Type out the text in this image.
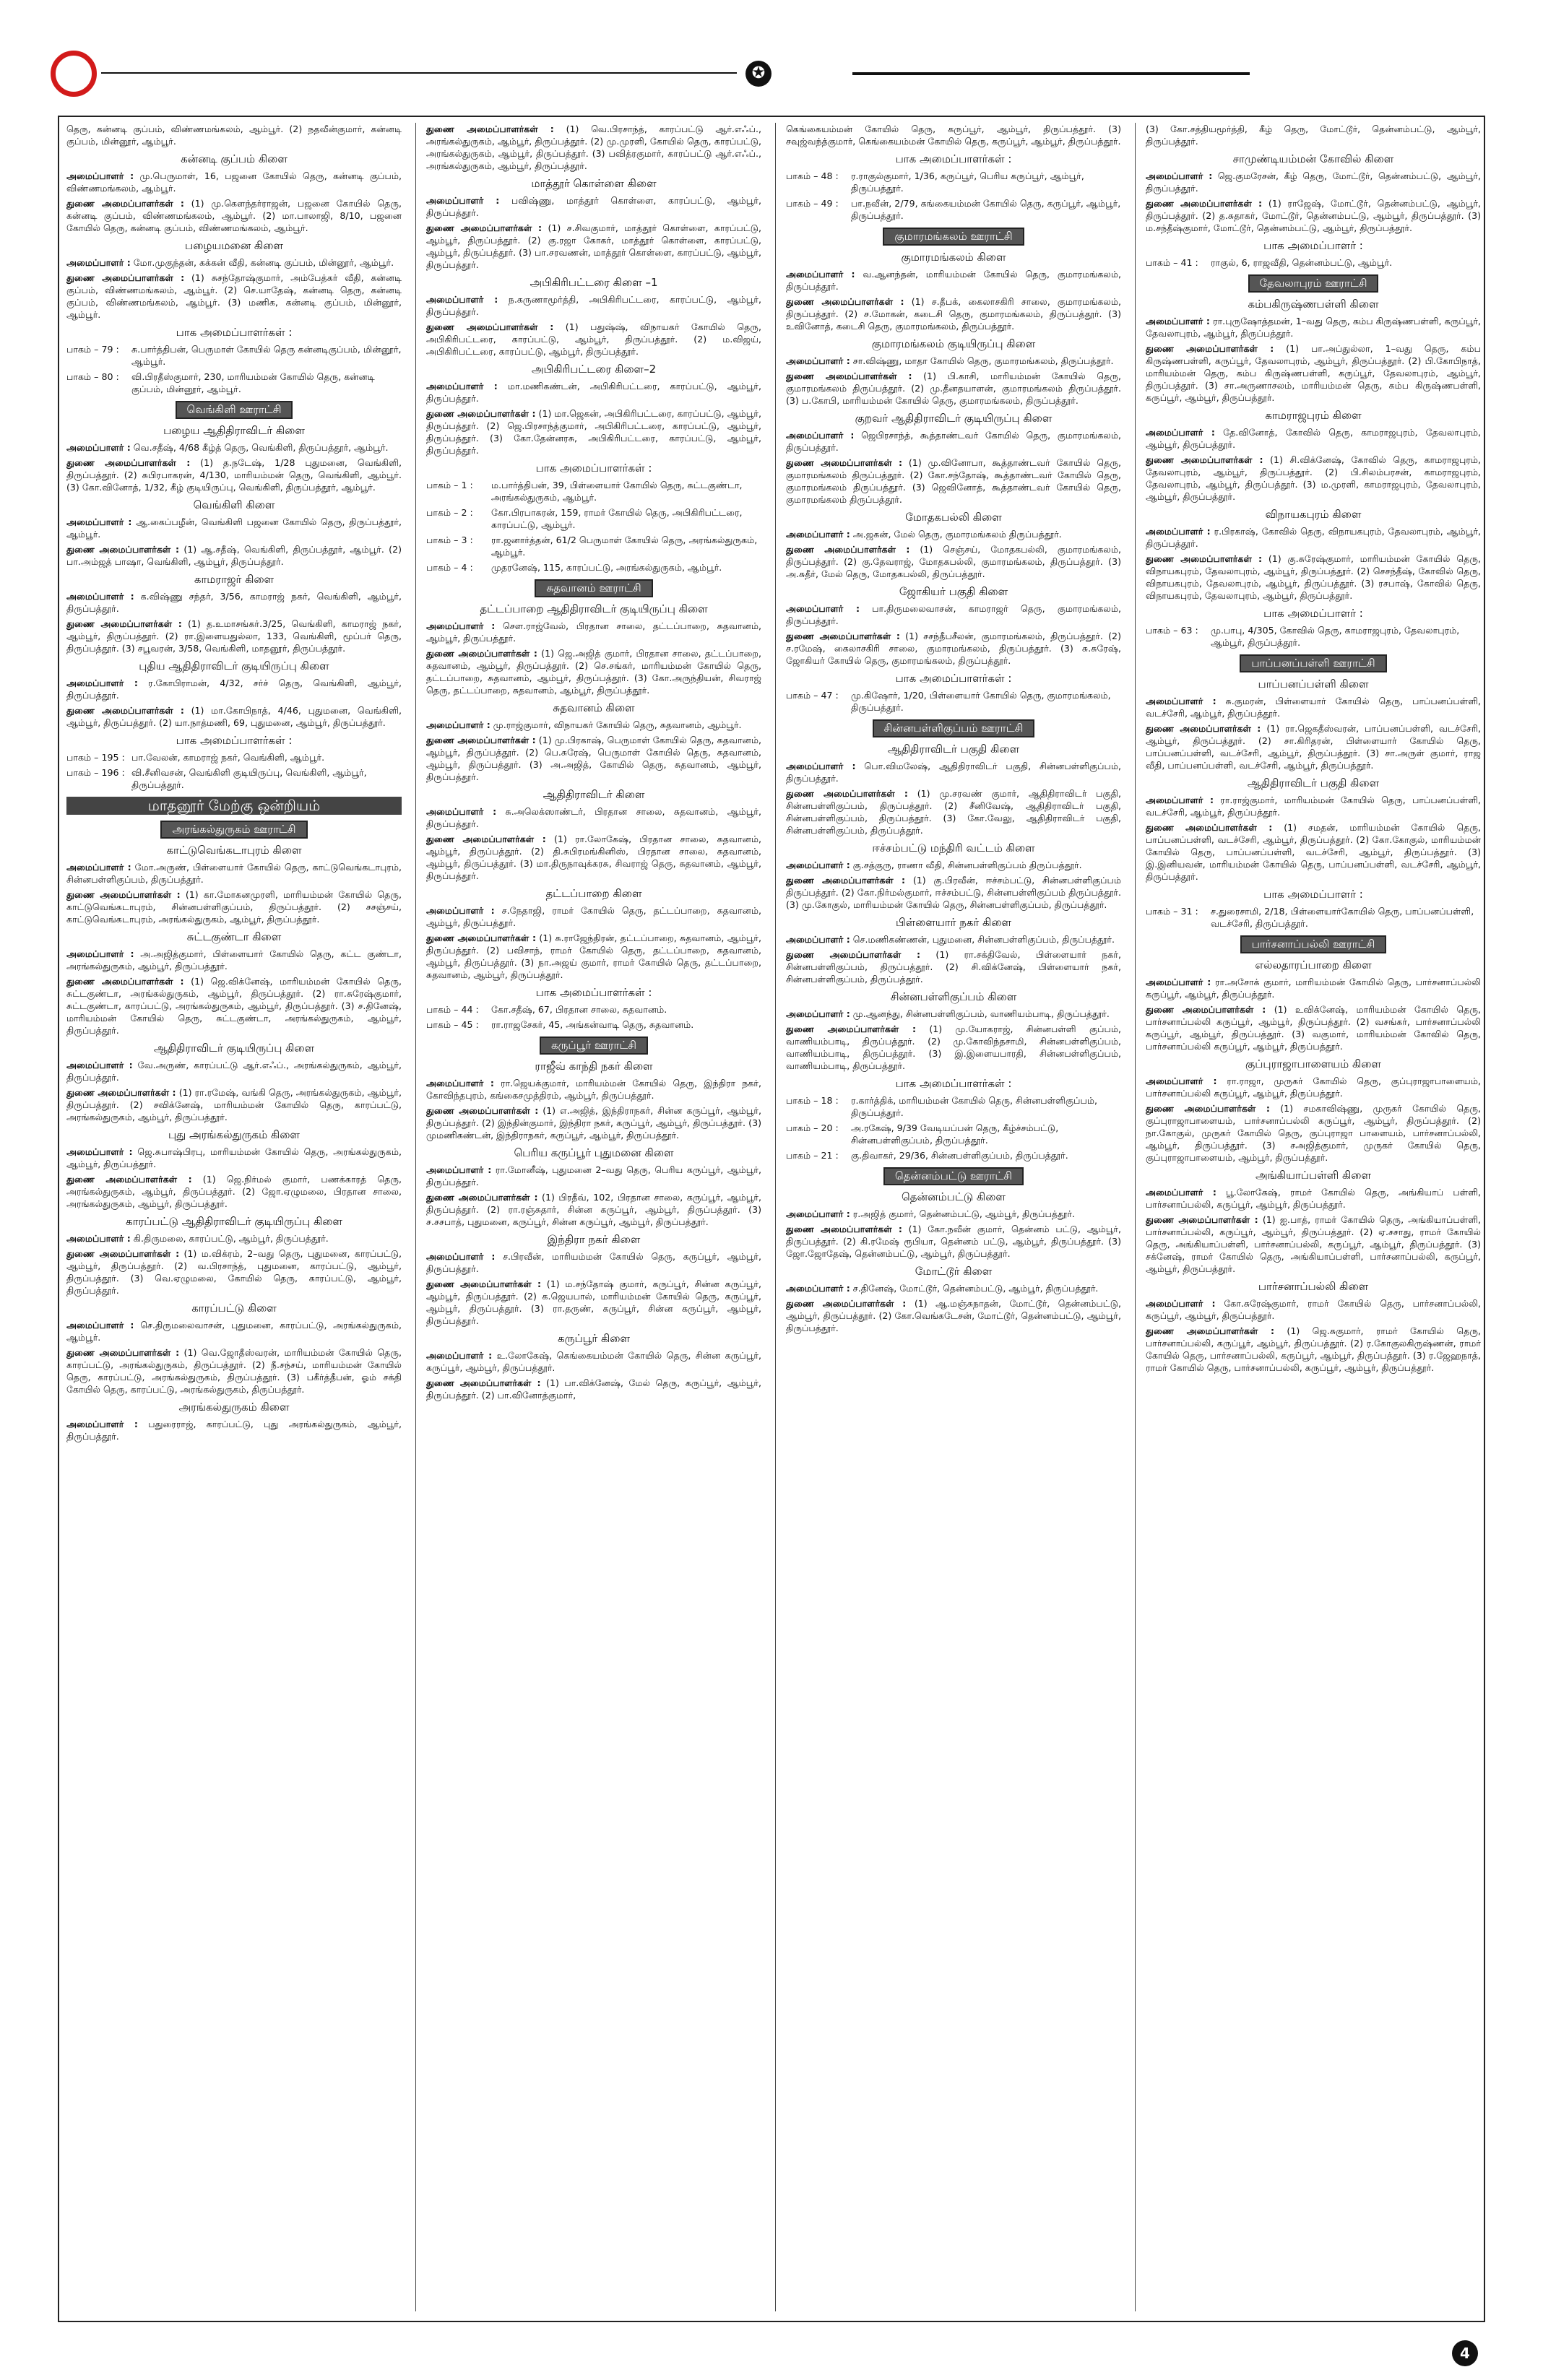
✪

தெரு, கன்னடி குப்பம், விண்ணமங்கலம், ஆம்பூர். (2) நதவீன்குமார், கன்னடி குப்பம், மின்னூர், ஆம்பூர்.

கன்னடி குப்பம் கிளை

அமைப்பாளர் : மு.பெருமாள், 16, பஜனை கோயில் தெரு, கன்னடி குப்பம், விண்ணமங்கலம், ஆம்பூர்.

துணை அமைப்பாளர்கள் : (1) மு.கௌந்தர்ராஜன், பஜனை கோயில் தெரு, கன்னடி குப்பம், விண்ணமங்கலம், ஆம்பூர். (2) மா.பாலாஜி, 8/10, பஜனை கோயில் தெரு, கன்னடி குப்பம், விண்ணமங்கலம், ஆம்பூர்.

பழையமனை கிளை

அமைப்பாளர் : மோ.முகுந்தன், கக்கன் வீதி, கன்னடி குப்பம், மின்னூர், ஆம்பூர்.

துணை அமைப்பாளர்கள் : (1) சுசந்தோஷ்குமார், அம்பேத்கர் வீதி, கன்னடி குப்பம், விண்ணமங்கலம், ஆம்பூர். (2) செ.யாதேஷ், கன்னடி தெரு, கன்னடி குப்பம், விண்ணமங்கலம், ஆம்பூர். (3) மணிக, கன்னடி குப்பம், மின்னூர், ஆம்பூர்.

பாக அமைப்பாளர்கள் :
பாகம் – 79 :	சு.பார்த்திபன், பெருமாள் கோயில் தெரு கன்னடிகுப்பம், மின்னூர், ஆம்பூர்.
பாகம் – 80 :	வி.பிரதீஸ்குமார், 230, மாரியம்மன் கோயில் தெரு, கன்னடி குப்பம், மின்னூர், ஆம்பூர்.
வெங்கிளி ஊராட்சி
பழைய ஆதிதிராவிடர் கிளை

அமைப்பாளர் : வெ.சதீஷ், 4/68 கீழ்த் தெரு, வெங்கிளி, திருப்பத்தூர், ஆம்பூர்.

துணை அமைப்பாளர்கள் : (1) த.நடேஷ், 1/28 புதுமனை, வெங்கிளி, திருப்பத்தூர். (2) சுபிரபாகரன், 4/130, மாரியம்மன் தெரு, வெங்கிளி, ஆம்பூர். (3) கோ.வினோத், 1/32, கீழ் குடியிருப்பு, வெங்கிளி, திருப்பத்தூர், ஆம்பூர்.

வெங்கிளி கிளை

அமைப்பாளர் : ஆ.கைப்பழீன், வெங்கிளி பஜனை கோயில் தெரு, திருப்பத்தூர், ஆம்பூர்.

துணை அமைப்பாளர்கள் : (1) ஆ.சதீஷ், வெங்கிளி, திருப்பத்தூர், ஆம்பூர். (2) பா.அம்ஜத் பாஷா, வெங்கிளி, ஆம்பூர், திருப்பத்தூர்.

காமராஜர் கிளை

அமைப்பாளர் : க.விஷ்ணு சந்தர், 3/56, காமராஜ் நகர், வெங்கிளி, ஆம்பூர், திருப்பத்தூர்.

துணை அமைப்பாளர்கள் : (1) த.உமாசங்கர்.3/25, வெங்கிளி, காமராஜ் நகர், ஆம்பூர், திருப்பத்தூர். (2) ரா.இளையதுல்லா, 133, வெங்கிளி, மூப்பர் தெரு, திருப்பத்தூர். (3) சபூவரன், 3/58, வெங்கிளி, மாதனூர், திருப்பத்தூர்.

புதிய ஆதிதிராவிடர் குடியிருப்பு கிளை

அமைப்பாளர் : ர.கோபிராமன், 4/32, சர்ச் தெரு, வெங்கிளி, ஆம்பூர், திருப்பத்தூர்.

துணை அமைப்பாளர்கள் : (1) மா.கோபிநாத், 4/46, புதுமனை, வெங்கிளி, ஆம்பூர், திருப்பத்தூர். (2) யா.நாத்மணி, 69, புதுமனை, ஆம்பூர், திருப்பத்தூர்.

பாக அமைப்பாளர்கள் :
பாகம் – 195 : பா.வேலன், காமராஜ் நகர், வெங்கிளி, ஆம்பூர்.
பாகம் – 196 : வி.சீனிவசன், வெங்கிளி குடியிருப்பு, வெங்கிளி, ஆம்பூர், திருப்பத்தூர்.
மாதனூர் மேற்கு ஒன்றியம்
அரங்கல்துருகம் ஊராட்சி
காட்டுவெங்கடாபுரம் கிளை

அமைப்பாளர் : மோ.அருண், பிள்ளையார் கோயில் தெரு, காட்டுவெங்கடாபுரம், சின்னபள்ளிகுப்பம், திருப்பத்தூர்.

துணை அமைப்பாளர்கள் : (1) கா.மோகனமுரளி, மாரியம்மன் கோயில் தெரு, காட்டுவெங்கடாபுரம், சின்னபள்ளிகுப்பம், திருப்பத்தூர். (2) சசஞ்சய், காட்டுவெங்கடாபுரம், அரங்கல்துருகம், ஆம்பூர், திருப்பத்தூர்.

சுட்டகுண்டா கிளை

அமைப்பாளர் : அ.அஜித்குமார், பிள்ளையார் கோயில் தெரு, கட்ட குண்டா, அரங்கல்துருகம், ஆம்பூர், திருப்பத்தூர்.

துணை அமைப்பாளர்கள் : (1) ஜெ.விக்னேஷ், மாரியம்மன் கோயில் தெரு, சுட்டகுண்டா, அரங்கல்துருகம், ஆம்பூர், திருப்பத்தூர். (2) ரா.சுரேஷ்குமார், சுட்டகுண்டா, காரப்பட்டு, அரங்கல்துருகம், ஆம்பூர், திருப்பத்தூர். (3) ச.தினேஷ், மாரியம்மன் கோயில் தெரு, சுட்டகுண்டா, அரங்கல்துருகம், ஆம்பூர், திருப்பத்தூர்.

ஆதிதிராவிடர் குடியிருப்பு கிளை

அமைப்பாளர் : வே.அருண், காரப்பட்டு ஆர்.எஃப்., அரங்கல்துருகம், ஆம்பூர், திருப்பத்தூர்.

துணை அமைப்பாளர்கள் : (1) ரா.ரமேஷ், வங்கி தெரு, அரங்கல்துருகம், ஆம்பூர், திருப்பத்தூர். (2) சவிக்னேஷ், மாரியம்மன் கோயில் தெரு, காரப்பட்டு, அரங்கல்துருகம், ஆம்பூர், திருப்பத்தூர்.

புது அரங்கல்துருகம் கிளை

அமைப்பாளர் : ஜெ.சுபாஷ்பிரபு, மாரியம்மன் கோயில் தெரு, அரங்கல்துருகம், ஆம்பூர், திருப்பத்தூர்.

துணை அமைப்பாளர்கள் : (1) ஜெ.நிர்மல் குமார், பணக்காரத் தெரு, அரங்கல்துருகம், ஆம்பூர், திருப்பத்தூர். (2) ஜோ.ஏழுமலை, பிரதான சாலை, அரங்கல்துருகம், ஆம்பூர், திருப்பத்தூர்.

காரப்பட்டு ஆதிதிராவிடர் குடியிருப்பு கிளை

அமைப்பாளர் : கி.திருமலை, காரப்பட்டு, ஆம்பூர், திருப்பத்தூர்.

துணை அமைப்பாளர்கள் : (1) ம.விக்ரம், 2–வது தெரு, புதுமனை, காரப்பட்டு, ஆம்பூர், திருப்பத்தூர். (2) வ.பிரசாந்த், புதுமனை, காரப்பட்டு, ஆம்பூர், திருப்பத்தூர். (3) வெ.ஏழுமலை, கோயில் தெரு, காரப்பட்டு, ஆம்பூர், திருப்பத்தூர்.

காரப்பட்டு கிளை

அமைப்பாளர் : செ.திருமலைவாசன், புதுமனை, காரப்பட்டு, அரங்கல்துருகம், ஆம்பூர்.

துணை அமைப்பாளர்கள் : (1) வெ.ஜோதீஸ்வரன், மாரியம்மன் கோயில் தெரு, காரப்பட்டு, அரங்கல்துருகம், திருப்பத்தூர். (2) நீ.சந்சய், மாரியம்மன் கோயில் தெரு, காரப்பட்டு, அரங்கல்துருகம், திருப்பத்தூர். (3) பகீர்த்தீபன், ஓம் சக்தி கோயில் தெரு, காரப்பட்டு, அரங்கல்துருகம், திருப்பத்தூர்.

அரங்கல்துருகம் கிளை

அமைப்பாளர் : பதுரைராஜ், காரப்பட்டு, புது அரங்கல்துருகம், ஆம்பூர், திருப்பத்தூர்.

துணை அமைப்பாளர்கள் : (1) வெ.பிரசாந்த், காரப்பட்டு ஆர்.எஃப்., அரங்கல்துருகம், ஆம்பூர், திருப்பத்தூர். (2) மு.முரளி, கோயில் தெரு, காரப்பட்டு, அரங்கல்துருகம், ஆம்பூர், திருப்பத்தூர். (3) பவித்ரகுமார், காரப்பட்டு ஆர்.எஃப்., அரங்கல்துருகம், ஆம்பூர், திருப்பத்தூர்.

மாத்தூர் கொள்ளை கிளை

அமைப்பாளர் : பவிஷ்ணு, மாத்தூர் கொள்ளை, காரப்பட்டு, ஆம்பூர், திருப்பத்தூர்.

துணை அமைப்பாளர்கள் : (1) ச.சிவகுமார், மாத்தூர் கொள்ளை, காரப்பட்டு, ஆம்பூர், திருப்பத்தூர். (2) கு.ரஜா கோகர், மாத்தூர் கொள்ளை, காரப்பட்டு, ஆம்பூர், திருப்பத்தூர். (3) பா.சரவணன், மாத்தூர் கொள்ளை, காரப்பட்டு, ஆம்பூர், திருப்பத்தூர்.

அபிகிரிபட்டரை கிளை –1

அமைப்பாளர் : ந.கருணாமூர்த்தி, அபிகிரிபட்டரை, காரப்பட்டு, ஆம்பூர், திருப்பத்தூர்.

துணை அமைப்பாளர்கள் : (1) பதுஷ்ஷ், விநாயகர் கோயில் தெரு, அபிகிரிபட்டரை, காரப்பட்டு, ஆம்பூர், திருப்பத்தூர். (2) ம.விஜய், அபிகிரிபட்டரை, காரப்பட்டு, ஆம்பூர், திருப்பத்தூர்.

அபிகிரிபட்டரை கிளை–2

அமைப்பாளர் : மா.மணிகண்டன், அபிகிரிபட்டரை, காரப்பட்டு, ஆம்பூர், திருப்பத்தூர்.

துணை அமைப்பாளர்கள் : (1) மா.ஜெகன், அபிகிரிபட்டரை, காரப்பட்டு, ஆம்பூர், திருப்பத்தூர். (2) ஜெ.பிரசாந்த்குமார், அபிகிரிபட்டரை, காரப்பட்டு, ஆம்பூர், திருப்பத்தூர். (3) கோ.தேன்னரசு, அபிகிரிபட்டரை, காரப்பட்டு, ஆம்பூர், திருப்பத்தூர்.

பாக அமைப்பாளர்கள் :
பாகம் – 1 :	ம.பார்த்திபன், 39, பிள்ளையார் கோயில் தெரு, சுட்டகுண்டா, அரங்கல்துருகம், ஆம்பூர்.
பாகம் – 2 :	கோ.பிரபாகரன், 159, ராமர் கோயில் தெரு, அபிகிரிபட்டரை, காரப்பட்டு, ஆம்பூர்.
பாகம் – 3 :	ரா.ஜனார்த்தன், 61/2 பெருமாள் கோயில் தெரு, அரங்கல்துருகம், ஆம்பூர்.
பாகம் – 4 :	முதரனேஷ், 115, காரப்பட்டு, அரங்கல்துருகம், ஆம்பூர்.
சுதவானம் ஊராட்சி
தட்டப்பாறை ஆதிதிராவிடர் குடியிருப்பு கிளை

அமைப்பாளர் : சௌ.ராஜ்வேல், பிரதான சாலை, தட்டப்பாறை, சுதவானம், ஆம்பூர், திருப்பத்தூர்.

துணை அமைப்பாளர்கள் : (1) ஜெ.அஜித் குமார், பிரதான சாலை, தட்டப்பாறை, சுதவானம், ஆம்பூர், திருப்பத்தூர். (2) செ.சங்கர், மாரியம்மன் கோயில் தெரு, தட்டப்பாறை, சுதவானம், ஆம்பூர், திருப்பத்தூர். (3) கோ.அருந்தியன், சிவராஜ் தெரு, தட்டப்பாறை, சுதவானம், ஆம்பூர், திருப்பத்தூர்.

சுதவானம் கிளை

அமைப்பாளர் : மு.ராஜ்குமார், விநாயகர் கோயில் தெரு, சுதவானம், ஆம்பூர்.

துணை அமைப்பாளர்கள் : (1) மு.பிரகாஷ், பெருமாள் கோயில் தெரு, சுதவானம், ஆம்பூர், திருப்பத்தூர். (2) பெ.சுரேஷ், பெருமாள் கோயில் தெரு, சுதவானம், ஆம்பூர், திருப்பத்தூர். (3) அ.அஜித், கோயில் தெரு, சுதவானம், ஆம்பூர், திருப்பத்தூர்.

ஆதிதிராவிடர் கிளை

அமைப்பாளர் : சு.அலெக்ஸாண்டர், பிரதான சாலை, சுதவானம், ஆம்பூர், திருப்பத்தூர்.

துணை அமைப்பாளர்கள் : (1) ரா.லோகேஷ், பிரதான சாலை, சுதவானம், ஆம்பூர், திருப்பத்தூர். (2) தி.சுபிரமங்கினிஸ், பிரதான சாலை, சுதவானம், ஆம்பூர், திருப்பத்தூர். (3) மா.திருநாவுக்கரசு, சிவராஜ் தெரு, சுதவானம், ஆம்பூர், திருப்பத்தூர்.

தட்டப்பாறை கிளை

அமைப்பாளர் : ச.நேதாஜி, ராமர் கோயில் தெரு, தட்டப்பாறை, சுதவானம், ஆம்பூர், திருப்பத்தூர்.

துணை அமைப்பாளர்கள் : (1) சு.ராஜேந்திரன், தட்டப்பாறை, சுதவானம், ஆம்பூர், திருப்பத்தூர். (2) பவிசாந், ராமர் கோயில் தெரு, தட்டப்பாறை, சுதவானம், ஆம்பூர், திருப்பத்தூர். (3) நா.அஜய் குமார், ராமர் கோயில் தெரு, தட்டப்பாறை, சுதவானம், ஆம்பூர், திருப்பத்தூர்.

பாக அமைப்பாளர்கள் :
பாகம் – 44 :	கோ.சதீஷ், 67, பிரதான சாலை, சுதவானம்.
பாகம் – 45 :	ரா.ராஜசேகர், 45, அங்கன்வாடி தெரு, சுதவானம்.
கருப்பூர் ஊராட்சி
ராஜீவ் காந்தி நகர் கிளை

அமைப்பாளர் : ரா.ஜெயக்குமார், மாரியம்மன் கோயில் தெரு, இந்திரா நகர், கோவிந்தபுரம், கங்கைசமுத்திரம், ஆம்பூர், திருப்பத்தூர்.

துணை அமைப்பாளர்கள் : (1) எ.அஜித், இந்திராநகர், சின்ன கருப்பூர், ஆம்பூர், திருப்பத்தூர். (2) இந்தின்குமார், இந்திரா நகர், கருப்பூர், ஆம்பூர், திருப்பத்தூர். (3) முமணிகண்டன், இந்திராநகர், கருப்பூர், ஆம்பூர், திருப்பத்தூர்.

பெரிய கருப்பூர் புதுமனை கிளை

அமைப்பாளர் : ரா.மோனீஷ், புதுமனை 2–வது தெரு, பெரிய கருப்பூர், ஆம்பூர், திருப்பத்தூர்.

துணை அமைப்பாளர்கள் : (1) பிரதீவ், 102, பிரதான சாலை, கருப்பூர், ஆம்பூர், திருப்பத்தூர். (2) ரா.ரஞ்சுதார், சின்ன கருப்பூர், ஆம்பூர், திருப்பத்தூர். (3) ச.சசபாத், புதுமனை, கருப்பூர், சின்ன கருப்பூர், ஆம்பூர், திருப்பத்தூர்.

இந்திரா நகர் கிளை

அமைப்பாளர் : ச.பிரவீன், மாரியம்மன் கோயில் தெரு, கருப்பூர், ஆம்பூர், திருப்பத்தூர்.

துணை அமைப்பாளர்கள் : (1) ம.சந்தோஷ் குமார், கருப்பூர், சின்ன கருப்பூர், ஆம்பூர், திருப்பத்தூர். (2) க.ஜெயபால், மாரியம்மன் கோயில் தெரு, கருப்பூர், ஆம்பூர், திருப்பத்தூர். (3) ரா.தருண், கருப்பூர், சின்ன கருப்பூர், ஆம்பூர், திருப்பத்தூர்.

கருப்பூர் கிளை

அமைப்பாளர் : உ.லோகேஷ், கெங்கையம்மன் கோயில் தெரு, சின்ன கருப்பூர், கருப்பூர், ஆம்பூர், திருப்பத்தூர்.

துணை அமைப்பாளர்கள் : (1) பா.விக்னேஷ், மேல் தெரு, கருப்பூர், ஆம்பூர், திருப்பத்தூர். (2) பா.வினோத்குமார்,

கெங்கையம்மன் கோயில் தெரு, கருப்பூர், ஆம்பூர், திருப்பத்தூர். (3) சவுஜ்வந்த்குமார், கெங்கையம்மன் கோயில் தெரு, கருப்பூர், ஆம்பூர், திருப்பத்தூர்.

பாக அமைப்பாளர்கள் :
பாகம் – 48 :	ர.ராகுல்குமார், 1/36, கருப்பூர், பெரிய கருப்பூர், ஆம்பூர், திருப்பத்தூர்.
பாகம் – 49 :	பா.நவீன், 2/79, கங்கையம்மன் கோயில் தெரு, கருப்பூர், ஆம்பூர், திருப்பத்தூர்.
குமாரமங்கலம் ஊராட்சி
குமாரமங்கலம் கிளை

அமைப்பாளர் : வ.ஆனந்தன், மாரியம்மன் கோயில் தெரு, குமாரமங்கலம், திருப்பத்தூர்.

துணை அமைப்பாளர்கள் : (1) ச.தீபக், கைலாசகிரி சாலை, குமாரமங்கலம், திருப்பத்தூர். (2) ச.மோகன், கடைசி தெரு, குமாரமங்கலம், திருப்பத்தூர். (3) உவினோத், கடைசி தெரு, குமாரமங்கலம், திருப்பத்தூர்.

குமாரமங்கலம் குடியிருப்பு கிளை

அமைப்பாளர் : சா.விஷ்ணு, மாதா கோயில் தெரு, குமாரமங்கலம், திருப்பத்தூர்.

துணை அமைப்பாளர்கள் : (1) பி.காசி, மாரியம்மன் கோயில் தெரு, குமாரமங்கலம் திருப்பத்தூர். (2) மு.தீனதயாளன், குமாரமங்கலம் திருப்பத்தூர். (3) ப.கோபி, மாரியம்மன் கோயில் தெரு, குமாரமங்கலம், திருப்பத்தூர்.

குறவர் ஆதிதிராவிடர் குடியிருப்பு கிளை

அமைப்பாளர் : ஜெபிரசாந்த், கூத்தாண்டவர் கோயில் தெரு, குமாரமங்கலம், திருப்பத்தூர்.

துணை அமைப்பாளர்கள் : (1) மு.வினோபா, கூத்தாண்டவர் கோயில் தெரு, குமாரமங்கலம் திருப்பத்தூர். (2) கோ.சந்தோஷ், கூத்தாண்டவர் கோயில் தெரு, குமாரமங்கலம் திருப்பத்தூர். (3) ஜெவினோத், கூத்தாண்டவர் கோயில் தெரு, குமாரமங்கலம் திருப்பத்தூர்.

மோதகபல்லி கிளை

அமைப்பாளர் : அ.ஜகன், மேல் தெரு, குமாரமங்கலம் திருப்பத்தூர்.

துணை அமைப்பாளர்கள் : (1) செஞ்சய், மோதகபல்லி, குமாரமங்கலம், திருப்பத்தூர். (2) கு.தேவராஜ், மோதகபல்லி, குமாரமங்கலம், திருப்பத்தூர். (3) அ.சுதீர், மேல் தெரு, மோதகபல்லி, திருப்பத்தூர்.

ஜோகியர் பகுதி கிளை

அமைப்பாளர் : பா.திருமலைவாசன், காமராஜர் தெரு, குமாரமங்கலம், திருப்பத்தூர்.

துணை அமைப்பாளர்கள் : (1) சசந்தீபசீலன், குமாரமங்கலம், திருப்பத்தூர். (2) ச.ரமேஷ், கைலாசகிரி சாலை, குமாரமங்கலம், திருப்பத்தூர். (3) சு.சுரேஷ், ஜோகியர் கோயில் தெரு, குமாரமங்கலம், திருப்பத்தூர்.

பாக அமைப்பாளர்கள் :
பாகம் – 47 :	மு.கிஷோர், 1/20, பிள்ளையார் கோயில் தெரு, குமாரமங்கலம், திருப்பத்தூர்.
சின்னபள்ளிகுப்பம் ஊராட்சி
ஆதிதிராவிடர் பகுதி கிளை

அமைப்பாளர் : பொ.விமலேஷ், ஆதிதிராவிடர் பகுதி, சின்னபள்ளிகுப்பம், திருப்பத்தூர்.

துணை அமைப்பாளர்கள் : (1) மு.சரவண் குமார், ஆதிதிராவிடர் பகுதி, சின்னபள்ளிகுப்பம், திருப்பத்தூர். (2) சீனிவேஷ், ஆதிதிராவிடர் பகுதி, சின்னபள்ளிகுப்பம், திருப்பத்தூர். (3) கோ.வேலு, ஆதிதிராவிடர் பகுதி, சின்னபள்ளிகுப்பம், திருப்பத்தூர்.

ஈச்சம்பட்டு மந்திரி வட்டம் கிளை

அமைப்பாளர் : கு.சத்குரு, ராணா வீதி, சின்னபள்ளிகுப்பம் திருப்பத்தூர்.

துணை அமைப்பாளர்கள் : (1) கு.பிரவீன், ஈச்சம்பட்டு, சின்னபள்ளிகுப்பம் திருப்பத்தூர். (2) கோ.நிர்மல்குமார், ஈச்சம்பட்டு, சின்னபள்ளிகுப்பம் திருப்பத்தூர். (3) மு.கோகுல், மாரியம்மன் கோயில் தெரு, சின்னபள்ளிகுப்பம், திருப்பத்தூர்.

பிள்ளையார் நகர் கிளை

அமைப்பாளர் : செ.மணிகண்ணன், புதுமனை, சின்னபள்ளிகுப்பம், திருப்பத்தூர்.

துணை அமைப்பாளர்கள் : (1) ரா.சக்திவேல், பிள்ளையார் நகர், சின்னபள்ளிகுப்பம், திருப்பத்தூர். (2) சி.விக்னேஷ், பிள்ளையார் நகர், சின்னபள்ளிகுப்பம், திருப்பத்தூர்.

சின்னபள்ளிகுப்பம் கிளை

அமைப்பாளர் : மு.ஆனந்து, சின்னபள்ளிகுப்பம், வாணியம்பாடி, திருப்பத்தூர்.

துணை அமைப்பாளர்கள் : (1) மு.யோகராஜ், சின்னபள்ளி குப்பம், வாணியம்பாடி, திருப்பத்தூர். (2) மு.கோவிந்தசாமி, சின்னபள்ளிகுப்பம், வாணியம்பாடி, திருப்பத்தூர். (3) இ.இளையபாரதி, சின்னபள்ளிகுப்பம், வாணியம்பாடி, திருப்பத்தூர்.

பாக அமைப்பாளர்கள் :
பாகம் – 18 :	ர.கார்த்திக், மாரியம்மன் கோயில் தெரு, சின்னபள்ளிகுப்பம், திருப்பத்தூர்.
பாகம் – 20 :	அ.ரகேஷ், 9/39 வேடியப்பன் தெரு, கீழ்ச்சம்பட்டு, சின்னபள்ளிகுப்பம், திருப்பத்தூர்.
பாகம் – 21 :	கு.திவாகர், 29/36, சின்னபள்ளிகுப்பம், திருப்பத்தூர்.
தென்னம்பட்டு ஊராட்சி
தென்னம்பட்டு கிளை

அமைப்பாளர் : ர.அஜித் குமார், தென்னம்பட்டு, ஆம்பூர், திருப்பத்தூர்.

துணை அமைப்பாளர்கள் : (1) கோ.நவீன் குமார், தென்னம் பட்டு, ஆம்பூர், திருப்பத்தூர். (2) கி.ரமேஷ் ரூபியா, தென்னம் பட்டு, ஆம்பூர், திருப்பத்தூர். (3) ஜோ.ஜோதேஷ், தென்னம்பட்டு, ஆம்பூர், திருப்பத்தூர்.

மோட்டூர் கிளை

அமைப்பாளர் : ச.தினேஷ், மோட்டூர், தென்னம்பட்டு, ஆம்பூர், திருப்பத்தூர்.

துணை அமைப்பாளர்கள் : (1) ஆ.மஞ்சுநாதன், மோட்டூர், தென்னம்பட்டு, ஆம்பூர், திருப்பத்தூர். (2) கோ.வெங்கடேசன், மோட்டூர், தென்னம்பட்டு, ஆம்பூர், திருப்பத்தூர்.

(3) கோ.சத்தியமூர்த்தி, கீழ் தெரு, மோட்டூர், தென்னம்பட்டு, ஆம்பூர், திருப்பத்தூர்.

சாமுண்டியம்மன் கோவில் கிளை

அமைப்பாளர் : ஜெ.குமரேசன், கீழ் தெரு, மோட்டூர், தென்னம்பட்டு, ஆம்பூர், திருப்பத்தூர்.

துணை அமைப்பாளர்கள் : (1) ராஜேஷ், மோட்டூர், தென்னம்பட்டு, ஆம்பூர், திருப்பத்தூர். (2) த.சுதாகர், மோட்டூர், தென்னம்பட்டு, ஆம்பூர், திருப்பத்தூர். (3) ம.சந்தீஷ்குமார், மோட்டூர், தென்னம்பட்டு, ஆம்பூர், திருப்பத்தூர்.

பாக அமைப்பாளர் :
பாகம் – 41 :	ராகுல், 6, ராஜவீதி, தென்னம்பட்டு, ஆம்பூர்.
தேவலாபுரம் ஊராட்சி
கம்பகிருஷ்ணபள்ளி கிளை

அமைப்பாளர் : ரா.புருஷோத்தமன், 1–வது தெரு, கம்ப கிருஷ்ணபள்ளி, கருப்பூர், தேவலாபுரம், ஆம்பூர், திருப்பத்தூர்.

துணை அமைப்பாளர்கள் : (1) பா.அப்துல்லா, 1–வது தெரு, கம்ப கிருஷ்ணபள்ளி, கருப்பூர், தேவலாபுரம், ஆம்பூர், திருப்பத்தூர். (2) பி.கோபிநாத், மாரியம்மன் தெரு, கம்ப கிருஷ்ணபள்ளி, கருப்பூர், தேவலாபுரம், ஆம்பூர், திருப்பத்தூர். (3) சா.அருணாசலம், மாரியம்மன் தெரு, கம்ப கிருஷ்ணபள்ளி, கருப்பூர், ஆம்பூர், திருப்பத்தூர்.

காமராஜபுரம் கிளை

அமைப்பாளர் : தே.வினோத், கோவில் தெரு, காமராஜபுரம், தேவலாபுரம், ஆம்பூர், திருப்பத்தூர்.

துணை அமைப்பாளர்கள் : (1) சி.விக்னேஷ், கோவில் தெரு, காமராஜபுரம், தேவலாபுரம், ஆம்பூர், திருப்பத்தூர். (2) பி.சிலம்பரசன், காமராஜபுரம், தேவலாபுரம், ஆம்பூர், திருப்பத்தூர். (3) ம.முரளி, காமராஜபுரம், தேவலாபுரம், ஆம்பூர், திருப்பத்தூர்.

விநாயகபுரம் கிளை

அமைப்பாளர் : ர.பிரகாஷ், கோவில் தெரு, விநாயகபுரம், தேவலாபுரம், ஆம்பூர், திருப்பத்தூர்.

துணை அமைப்பாளர்கள் : (1) கு.சுரேஷ்குமார், மாரியம்மன் கோயில் தெரு, விநாயகபுரம், தேவலாபுரம், ஆம்பூர், திருப்பத்தூர். (2) செசந்தீஷ், கோவில் தெரு, விநாயகபுரம், தேவலாபுரம், ஆம்பூர், திருப்பத்தூர். (3) ரசபாஷ், கோவில் தெரு, விநாயகபுரம், தேவலாபுரம், ஆம்பூர், திருப்பத்தூர்.

பாக அமைப்பாளர் :
பாகம் – 63 :	மு.பாபு, 4/305, கோவில் தெரு, காமராஜபுரம், தேவலாபுரம், ஆம்பூர், திருப்பத்தூர்.
பாப்பனப்பள்ளி ஊராட்சி
பாப்பனப்பள்ளி கிளை

அமைப்பாளர் : சு.குமரன், பிள்ளையார் கோயில் தெரு, பாப்பனப்பள்ளி, வடச்சேரி, ஆம்பூர், திருப்பத்தூர்.

துணை அமைப்பாளர்கள் : (1) ரா.ஜெகதீஸ்வரன், பாப்பனப்பள்ளி, வடச்சேரி, ஆம்பூர், திருப்பத்தூர். (2) சா.கிரிதரன், பிள்ளையார் கோயில் தெரு, பாப்பனப்பள்ளி, வடச்சேரி, ஆம்பூர், திருப்பத்தூர். (3) சா.அருள் குமார், ராஜ வீதி, பாப்பனப்பள்ளி, வடச்சேரி, ஆம்பூர், திருப்பத்தூர்.

ஆதிதிராவிடர் பகுதி கிளை

அமைப்பாளர் : ரா.ராஜ்குமார், மாரியம்மன் கோயில் தெரு, பாப்பனப்பள்ளி, வடச்சேரி, ஆம்பூர், திருப்பத்தூர்.

துணை அமைப்பாளர்கள் : (1) சமதன், மாரியம்மன் கோயில் தெரு, பாப்பனப்பள்ளி, வடச்சேரி, ஆம்பூர், திருப்பத்தூர். (2) கோ.கோகுல், மாரியம்மன் கோயில் தெரு, பாப்பனப்பள்ளி, வடச்சேரி, ஆம்பூர், திருப்பத்தூர். (3) இ.இனியவன், மாரியம்மன் கோயில் தெரு, பாப்பனப்பள்ளி, வடச்சேரி, ஆம்பூர், திருப்பத்தூர்.

பாக அமைப்பாளர் :
பாகம் – 31 :	ச.துரைசாமி, 2/18, பிள்ளையார்கோயில் தெரு, பாப்பனப்பள்ளி, வடச்சேரி, திருப்பத்தூர்.
பார்சனாப்பல்லி ஊராட்சி
எல்லதாரப்பாறை கிளை

அமைப்பாளர் : ரா.அசோக் குமார், மாரியம்மன் கோயில் தெரு, பார்சனாப்பல்லி கருப்பூர், ஆம்பூர், திருப்பத்தூர்.

துணை அமைப்பாளர்கள் : (1) உவிக்னேஷ், மாரியம்மன் கோயில் தெரு, பார்சனாப்பல்லி கருப்பூர், ஆம்பூர், திருப்பத்தூர். (2) வசங்கர், பார்சனாப்பல்லி கருப்பூர், ஆம்பூர், திருப்பத்தூர். (3) வகுமார், மாரியம்மன் கோவில் தெரு, பார்சனாப்பல்லி கருப்பூர், ஆம்பூர், திருப்பத்தூர்.

குப்புராஜாபாளையம் கிளை

அமைப்பாளர் : ரா.ராஜா, முருகர் கோயில் தெரு, குப்புராஜாபாளையம், பார்சனாப்பல்லி கருப்பூர், ஆம்பூர், திருப்பத்தூர்.

துணை அமைப்பாளர்கள் : (1) சமகாவிஷ்ணு, முருகர் கோயில் தெரு, குப்புராஜாபாளையம், பார்சனாப்பல்லி கருப்பூர், ஆம்பூர், திருப்பத்தூர். (2) நா.கோகுல், முருகர் கோயில் தெரு, குப்புராஜா பாளையம், பார்சனாப்பல்லி, ஆம்பூர், திருப்பத்தூர். (3) சஅஜித்குமார், முருகர் கோயில் தெரு, குப்புராஜாபாளையம், ஆம்பூர், திருப்பத்தூர்.

அங்கியாப்பள்ளி கிளை

அமைப்பாளர் : பூ.லோகேஷ், ராமர் கோயில் தெரு, அங்கியாப் பள்ளி, பார்சனாப்பல்லி, கருப்பூர், ஆம்பூர், திருப்பத்தூர்.

துணை அமைப்பாளர்கள் : (1) ஐ.பாத், ராமர் கோயில் தெரு, அங்கியாப்பள்ளி, பார்சனாப்பல்லி, கருப்பூர், ஆம்பூர், திருப்பத்தூர். (2) ஏ.சசாது, ராமர் கோயில் தெரு, அங்கியாப்பள்ளி, பார்சனாப்பல்லி, கருப்பூர், ஆம்பூர், திருப்பத்தூர். (3) சக்னேஷ், ராமர் கோயில் தெரு, அங்கியாப்பள்ளி, பார்சனாப்பல்லி, கருப்பூர், ஆம்பூர், திருப்பத்தூர்.

பார்சனாப்பல்லி கிளை

அமைப்பாளர் : கோ.சுரேஷ்குமார், ராமர் கோயில் தெரு, பார்சனாப்பல்லி, கருப்பூர், ஆம்பூர், திருப்பத்தூர்.

துணை அமைப்பாளர்கள் : (1) ஜெ.சுகுமார், ராமர் கோயில் தெரு, பார்சனாப்பல்லி, கருப்பூர், ஆம்பூர், திருப்பத்தூர். (2) ர.கோகுலகிருஷ்ணன், ராமர் கோயில் தெரு, பார்சனாப்பல்லி, கருப்பூர், ஆம்பூர், திருப்பத்தூர். (3) ர.ஜேஹநாத், ராமர் கோயில் தெரு, பார்சனாப்பல்லி, கருப்பூர், ஆம்பூர், திருப்பத்தூர்.

4
